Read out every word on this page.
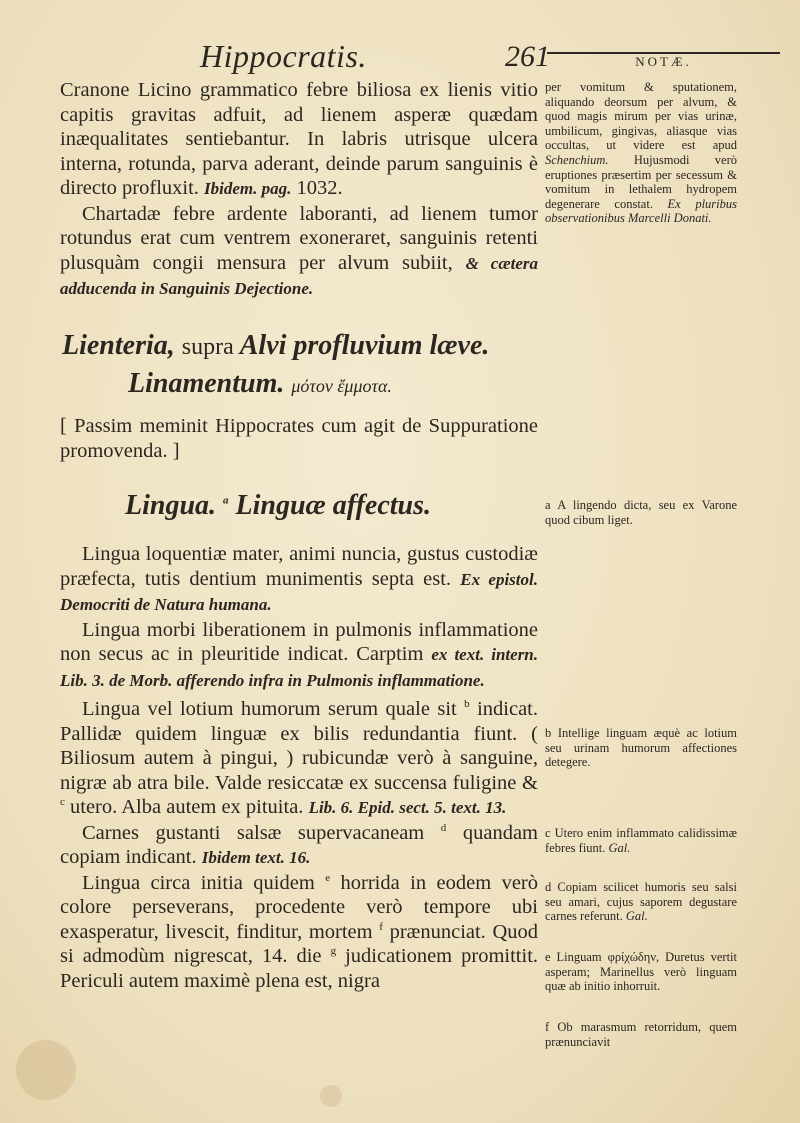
Hippocratis.	261	NOTÆ.

Cranone Licino grammatico febre biliosa ex lienis vitio capitis gravitas adfuit, ad lienem asperæ quædam inæqualitates sentiebantur. In labris utrisque ulcera interna, rotunda, parva aderant, deinde parum sanguinis è directo profluxit. Ibidem. pag. 1032.

Chartadæ febre ardente laboranti, ad lienem tumor rotundus erat cum ventrem exoneraret, sanguinis retenti plusquàm congii mensura per alvum subiit, & cætera adducenda in Sanguinis Dejectione.

per vomitum & sputationem, aliquando deorsum per alvum, & quod magis mirum per vias urinæ, umbilicum, gingivas, aliasque vias occultas, ut videre est apud Schenchium. Hujusmodi verò eruptiones præsertim per secessum & vomitum in lethalem hydropem degenerare constat. Ex pluribus observationibus Marcelli Donati.
Lienteria, supra Alvi profluvium læve.
Linamentum. μότον ἔμμοτα.

[ Passim meminit Hippocrates cum agit de Suppuratione promovenda. ]

Lingua. $^a$ Linguæ affectus.	a A lingendo dicta, seu ex Varone quod cibum liget.

Lingua loquentiæ mater, animi nuncia, gustus custodiæ præfecta, tutis dentium munimentis septa est. Ex epistol. Democriti de Natura humana.

Lingua morbi liberationem in pulmonis inflammatione non secus ac in pleuritide indicat. Carptim ex text. intern. Lib. 3. de Morb. afferendo infra in Pulmonis inflammatione.

Lingua vel lotium humorum serum quale sit $^b$ indicat. Pallidæ quidem linguæ ex bilis redundantia fiunt. ( Biliosum autem à pingui, ) rubicundæ verò à sanguine, nigræ ab atra bile. Valde resiccatæ ex succensa fuligine & $^c$ utero. Alba autem ex pituita. Lib. 6. Epid. sect. 5. text. 13.

Carnes gustanti salsæ supervacaneam $^d$ quandam copiam indicant. Ibidem text. 16.

Lingua circa initia quidem $^e$ horrida in eodem verò colore perseverans, procedente verò tempore ubi exasperatur, livescit, finditur, mortem $^f$ prænunciat. Quod si admodùm nigrescat, 14. die $^g$ judicationem promittit. Periculi autem maximè plena est, nigra

b Intellige linguam æquè ac lotium seu urinam humorum affectiones detegere.
c Utero enim inflammato calidissimæ febres fiunt. Gal.
d Copiam scilicet humoris seu salsi seu amari, cujus saporem degustare carnes referunt. Gal.
e Linguam φρίχώδην, Duretus vertit asperam; Marinellus verò linguam quæ ab initio inhorruit.
f Ob marasmum retorridum, quem prænunciavit
